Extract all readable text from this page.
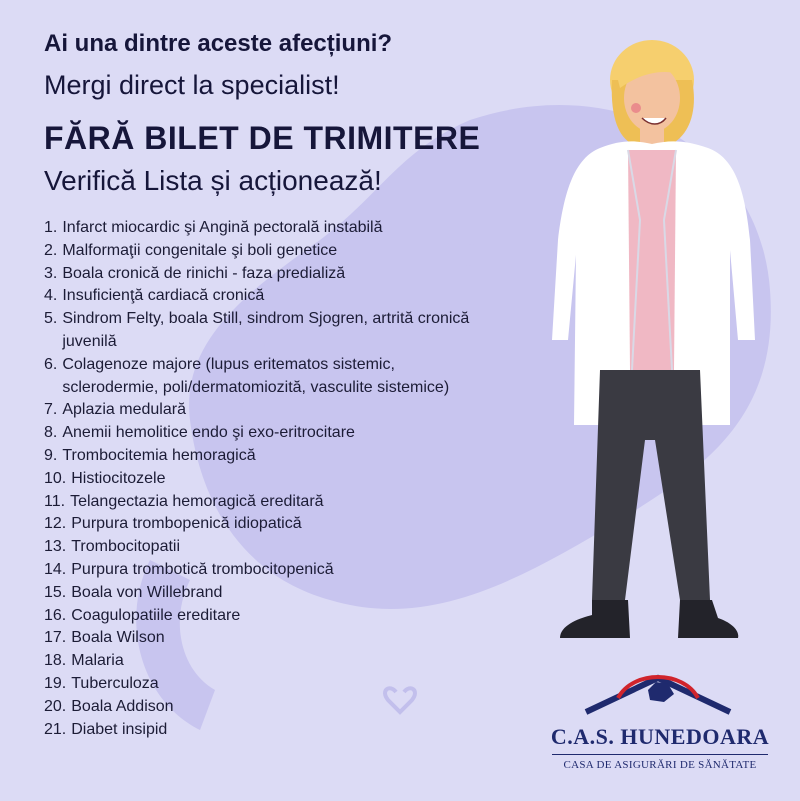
Ai una dintre aceste afecțiuni?
Mergi direct la specialist!
FĂRĂ BILET DE TRIMITERE
Verifică Lista și acționează!
1. Infarct miocardic şi Angină pectorală instabilă
2. Malformaţii congenitale şi boli genetice
3. Boala cronică de rinichi - faza predializă
4. Insuficienţă cardiacă cronică
5. Sindrom Felty, boala Still, sindrom Sjogren, artrită cronică juvenilă
6. Colagenoze majore (lupus eritematos sistemic, sclerodermie, poli/dermatomiozită, vasculite sistemice)
7. Aplazia medulară
8. Anemii hemolitice endo şi exo-eritrocitare
9. Trombocitemia hemoragică
10. Histiocitozele
11. Telangectazia hemoragică ereditară
12. Purpura trombopenică idiopatică
13. Trombocitopatii
14. Purpura trombotică trombocitopenică
15. Boala von Willebrand
16. Coagulopatiile ereditare
17. Boala Wilson
18. Malaria
19. Tuberculoza
20. Boala Addison
21. Diabet insipid	C.A.S. HUNEDOARA
CASA DE ASIGURĂRI DE SĂNĂTATE
